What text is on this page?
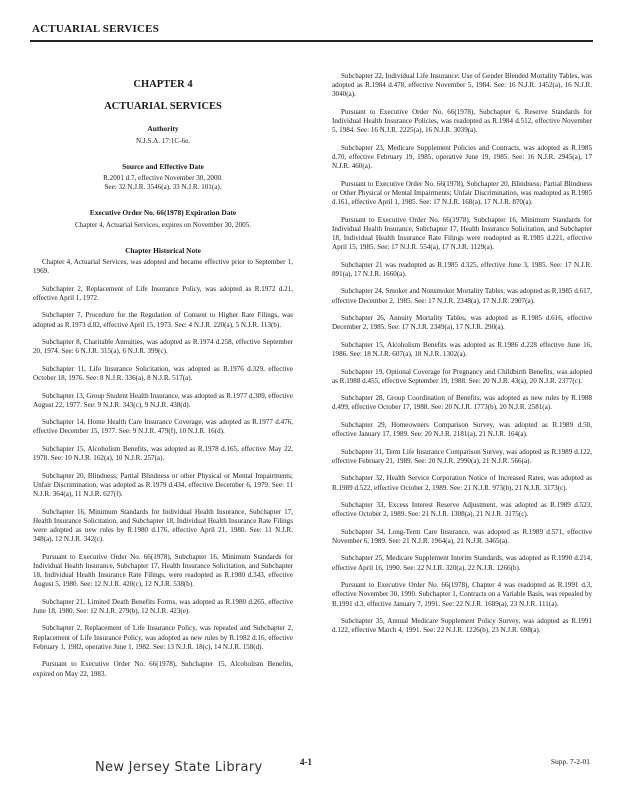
ACTUARIAL SERVICES
CHAPTER 4
ACTUARIAL SERVICES
Authority

N.J.S.A. 17:1C-6e.

Source and Effective Date

R.2001 d.7, effective November 30, 2000.

See: 32 N.J.R. 3546(a), 33 N.J.R. 101(a).

Executive Order No. 66(1978) Expiration Date

Chapter 4, Actuarial Services, expires on November 30, 2005.

Chapter Historical Note

Chapter 4, Actuarial Services, was adopted and became effective prior to September 1, 1969.

Subchapter 2, Replacement of Life Insurance Policy, was adopted as R.1972 d.21, effective April 1, 1972.

Subchapter 7, Procedure for the Regulation of Consent to Higher Rate Filings, was adopted as R.1973 d.82, effective April 15, 1973. See: 4 N.J.R. 220(a), 5 N.J.R. 113(b).

Subchapter 8, Charitable Annuities, was adopted as R.1974 d.258, effective September 20, 1974. See: 6 N.J.R. 315(a), 6 N.J.R. 399(c).

Subchapter 11, Life Insurance Solicitation, was adopted as R.1976 d.329, effective October 18, 1976. See: 8 N.J.R. 336(a), 8 N.J.R. 517(a).

Subchapter 13, Group Student Health Insurance, was adopted as R.1977 d.309, effective August 22, 1977. See: 9 N.J.R. 343(c), 9 N.J.R. 438(d).

Subchapter 14, Home Health Care Insurance Coverage, was adopted as R.1977 d.476, effective December 15, 1977. See: 9 N.J.R. 479(f), 10 N.J.R. 16(d).

Subchapter 15, Alcoholism Benefits, was adopted as R.1978 d.165, effective May 22, 1978. See: 10 N.J.R. 162(a), 10 N.J.R. 257(a).

Subchapter 20, Blindness; Partial Blindness or other Physical or Mental Impairments; Unfair Discrimination, was adopted as R.1979 d.434, effective December 6, 1979. See: 11 N.J.R. 364(a), 11 N.J.R. 627(f).

Subchapter 16, Minimum Standards for Individual Health Insurance, Subchapter 17, Health Insurance Solicitation, and Subchapter 18, Individual Health Insurance Rate Filings were adopted as new rules by R.1980 d.176, effective April 21, 1980. See: 11 N.J.R. 348(a), 12 N.J.R. 342(c).

Pursuant to Executive Order No. 66(1978), Subchapter 16, Minimum Standards for Individual Health Insurance, Subchapter 17, Health Insurance Solicitation, and Subchapter 18, Individual Health Insurance Rate Filings, were readopted as R.1980 d.343, effective August 5, 1980. See: 12 N.J.R. 420(c), 12 N.J.R. 538(b).

Subchapter 21, Limited Death Benefits Forms, was adopted as R.1980 d.265, effective June 18, 1980. See: 12 N.J.R. 279(b), 12 N.J.R. 423(e).

Subchapter 2, Replacement of Life Insurance Policy, was repealed and Subchapter 2, Replacement of Life Insurance Policy, was adopted as new rules by R.1982 d.16, effective February 1, 1982, operative June 1, 1982. See: 13 N.J.R. 18(c), 14 N.J.R. 158(d).

Pursuant to Executive Order No. 66(1978), Subchapter 15, Alcoholism Benefits, expired on May 22, 1983.

Subchapter 22, Individual Life Insurance: Use of Gender Blended Mortality Tables, was adopted as R.1984 d.478, effective November 5, 1984. See: 16 N.J.R. 1452(a), 16 N.J.R. 3040(a).

Pursuant to Executive Order No. 66(1978), Subchapter 6, Reserve Standards for Individual Health Insurance Policies, was readopted as R.1984 d.512, effective November 5, 1984. See: 16 N.J.R. 2225(a), 16 N.J.R. 3039(a).

Subchapter 23, Medicare Supplement Policies and Contracts, was adopted as R.1985 d.70, effective February 19, 1985, operative June 19, 1985. See: 16 N.J.R. 2945(a), 17 N.J.R. 460(a).

Pursuant to Executive Order No. 66(1978), Subchapter 20, Blindness; Partial Blindness or Other Physical or Mental Impairments; Unfair Discrimination, was readopted as R.1985 d.161, effective April 1, 1985. See: 17 N.J.R. 168(a), 17 N.J.R. 870(a).

Pursuant to Executive Order No. 66(1978), Subchapter 16, Minimum Standards for Individual Health Insurance, Subchapter 17, Health Insurance Solicitation, and Subchapter 18, Individual Health Insurance Rate Filings were readopted as R.1985 d.221, effective April 15, 1985. See: 17 N.J.R. 554(a), 17 N.J.R. 1129(a).

Subchapter 21 was readopted as R.1985 d.325, effective June 3, 1985. See: 17 N.J.R. 891(a), 17 N.J.R. 1660(a).

Subchapter 24, Smoker and Nonsmoker Mortality Tables, was adopted as R.1985 d.617, effective December 2, 1985. See: 17 N.J.R. 2348(a), 17 N.J.R. 2907(a).

Subchapter 26, Annuity Mortality Tables, was adopted as R.1985 d.616, effective December 2, 1985. See: 17 N.J.R. 2349(a), 17 N.J.R. 290(a).

Subchapter 15, Alcoholism Benefits was adopted as R.1986 d.228 effective June 16, 1986. See: 18 N.J.R. 607(a), 18 N.J.R. 1302(a).

Subchapter 19, Optional Coverage for Pregnancy and Childbirth Benefits, was adopted as R.1988 d.455, effective September 19, 1988. See: 20 N.J.R. 43(a), 20 N.J.R. 2377(c).

Subchapter 28, Group Coordination of Benefits, was adopted as new rules by R.1988 d.499, effective October 17, 1988. See: 20 N.J.R. 1773(b), 20 N.J.R. 2581(a).

Subchapter 29, Homeowners Comparison Survey, was adopted as R.1989 d.50, effective January 17, 1989. See: 20 N.J.R. 2181(a), 21 N.J.R. 164(a).

Subchapter 31, Term Life Insurance Comparison Survey, was adopted as R.1989 d.122, effective February 21, 1989. See: 20 N.J.R. 2990(a), 21 N.J.R. 566(a).

Subchapter 32, Health Service Corporation Notice of Increased Rates, was adopted as R.1989 d.522, effective October 2, 1989. See: 21 N.J.R. 973(b), 21 N.J.R. 3173(c).

Subchapter 33, Excess Interest Reserve Adjustment, was adopted as R.1989 d.523, effective October 2, 1989. See: 21 N.J.R. 1308(a), 21 N.J.R. 3175(c).

Subchapter 34, Long-Term Care Insurance, was adopted as R.1989 d.571, effective November 6, 1989. See: 21 N.J.R. 1964(a), 21 N.J.R. 3465(a).

Subchapter 25, Medicare Supplement Interim Standards, was adopted as R.1990 d.214, effective April 16, 1990. See: 22 N.J.R. 320(a), 22 N.J.R. 1266(b).

Pursuant to Executive Order No. 66(1978), Chapter 4 was readopted as R.1991 d.3, effective November 30, 1990. Subchapter 1, Contracts on a Variable Basis, was repealed by R.1991 d.3, effective January 7, 1991. See: 22 N.J.R. 1689(a), 23 N.J.R. 111(a).

Subchapter 35, Annual Medicare Supplement Policy Survey, was adopted as R.1991 d.122, effective March 4, 1991. See: 22 N.J.R. 1226(b), 23 N.J.R. 698(a).

New Jersey State Library	4-1	Supp. 7-2-01
